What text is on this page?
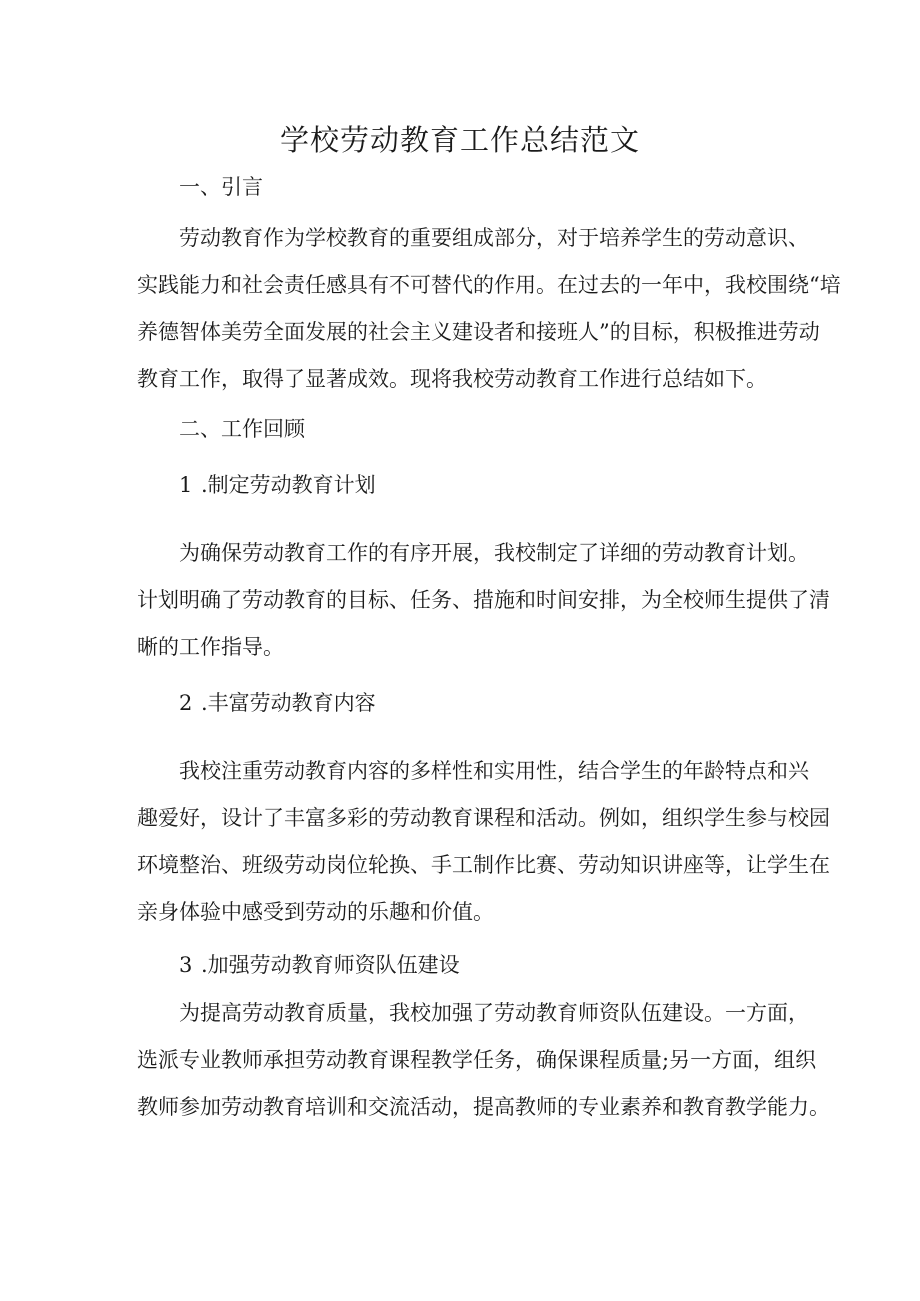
学校劳动教育工作总结范文

一、引言

劳动教育作为学校教育的重要组成部分，对于培养学生的劳动意识、

实践能力和社会责任感具有不可替代的作用。在过去的一年中，我校围绕“培

养德智体美劳全面发展的社会主义建设者和接班人”的目标，积极推进劳动

教育工作，取得了显著成效。现将我校劳动教育工作进行总结如下。

二、工作回顾

1 .制定劳动教育计划

为确保劳动教育工作的有序开展，我校制定了详细的劳动教育计划。

计划明确了劳动教育的目标、任务、措施和时间安排，为全校师生提供了清

晰的工作指导。

2 .丰富劳动教育内容

我校注重劳动教育内容的多样性和实用性，结合学生的年龄特点和兴

趣爱好，设计了丰富多彩的劳动教育课程和活动。例如，组织学生参与校园

环境整治、班级劳动岗位轮换、手工制作比赛、劳动知识讲座等，让学生在

亲身体验中感受到劳动的乐趣和价值。

3 .加强劳动教育师资队伍建设

为提高劳动教育质量，我校加强了劳动教育师资队伍建设。一方面，

选派专业教师承担劳动教育课程教学任务，确保课程质量;另一方面，组织

教师参加劳动教育培训和交流活动，提高教师的专业素养和教育教学能力。
